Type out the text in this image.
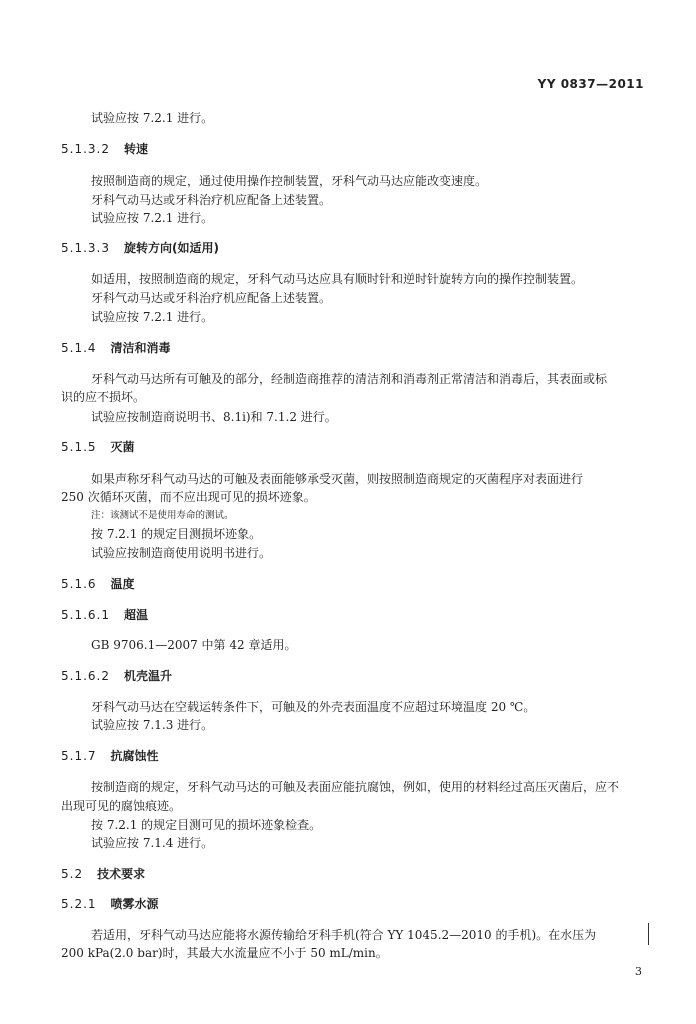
YY 0837—2011
试验应按 7.2.1 进行。
5.1.3.2 转速
按照制造商的规定，通过使用操作控制装置，牙科气动马达应能改变速度。
牙科气动马达或牙科治疗机应配备上述装置。
试验应按 7.2.1 进行。
5.1.3.3 旋转方向(如适用)
如适用，按照制造商的规定，牙科气动马达应具有顺时针和逆时针旋转方向的操作控制装置。
牙科气动马达或牙科治疗机应配备上述装置。
试验应按 7.2.1 进行。
5.1.4 清洁和消毒
牙科气动马达所有可触及的部分，经制造商推荐的清洁剂和消毒剂正常清洁和消毒后，其表面或标
识的应不损坏。
试验应按制造商说明书、8.1i)和 7.1.2 进行。
5.1.5 灭菌
如果声称牙科气动马达的可触及表面能够承受灭菌，则按照制造商规定的灭菌程序对表面进行
250 次循环灭菌，而不应出现可见的损坏迹象。
注：该测试不是使用寿命的测试。
按 7.2.1 的规定目测损坏迹象。
试验应按制造商使用说明书进行。
5.1.6 温度
5.1.6.1 超温
GB 9706.1—2007 中第 42 章适用。
5.1.6.2 机壳温升
牙科气动马达在空载运转条件下，可触及的外壳表面温度不应超过环境温度 20 ℃。
试验应按 7.1.3 进行。
5.1.7 抗腐蚀性
按制造商的规定，牙科气动马达的可触及表面应能抗腐蚀，例如，使用的材料经过高压灭菌后，应不
出现可见的腐蚀痕迹。
按 7.2.1 的规定目测可见的损坏迹象检查。
试验应按 7.1.4 进行。
5.2 技术要求
5.2.1 喷雾水源
若适用，牙科气动马达应能将水源传输给牙科手机(符合 YY 1045.2—2010 的手机)。在水压为
200 kPa(2.0 bar)时，其最大水流量应不小于 50 mL/min。
3
